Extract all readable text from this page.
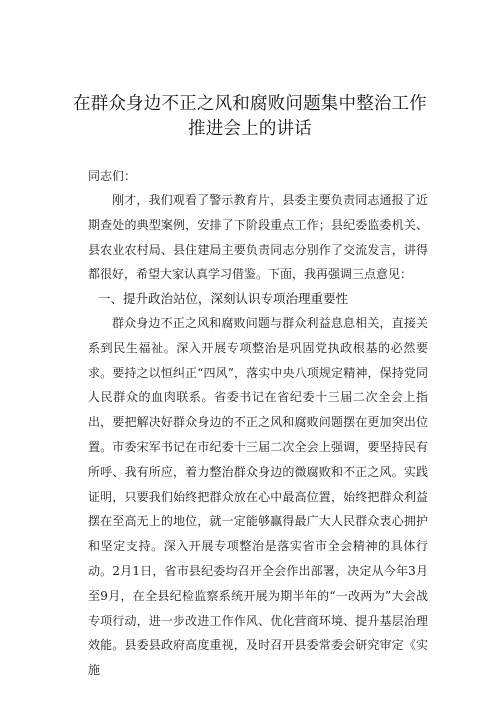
在群众身边不正之风和腐败问题集中整治工作
推进会上的讲话
同志们：

刚才，我们观看了警示教育片，县委主要负责同志通报了近期查处的典型案例，安排了下阶段重点工作；县纪委监委机关、县农业农村局、县住建局主要负责同志分别作了交流发言，讲得都很好，希望大家认真学习借鉴。下面，我再强调三点意见：

一、提升政治站位，深刻认识专项治理重要性

群众身边不正之风和腐败问题与群众利益息息相关，直接关系到民生福祉。深入开展专项整治是巩固党执政根基的必然要求。要持之以恒纠正“四风”，落实中央八项规定精神，保持党同人民群众的血肉联系。省委书记在省纪委十三届二次全会上指出，要把解决好群众身边的不正之风和腐败问题摆在更加突出位置。市委宋军书记在市纪委十三届二次全会上强调，要坚持民有所呼、我有所应，着力整治群众身边的微腐败和不正之风。实践证明，只要我们始终把群众放在心中最高位置，始终把群众利益摆在至高无上的地位，就一定能够赢得最广大人民群众衷心拥护和坚定支持。深入开展专项整治是落实省市全会精神的具体行动。2月1日，省市县纪委均召开全会作出部署，决定从今年3月至9月，在全县纪检监察系统开展为期半年的“一改两为”大会战专项行动，进一步改进工作作风、优化营商环境、提升基层治理效能。县委县政府高度重视，及时召开县委常委会研究审定《实施
